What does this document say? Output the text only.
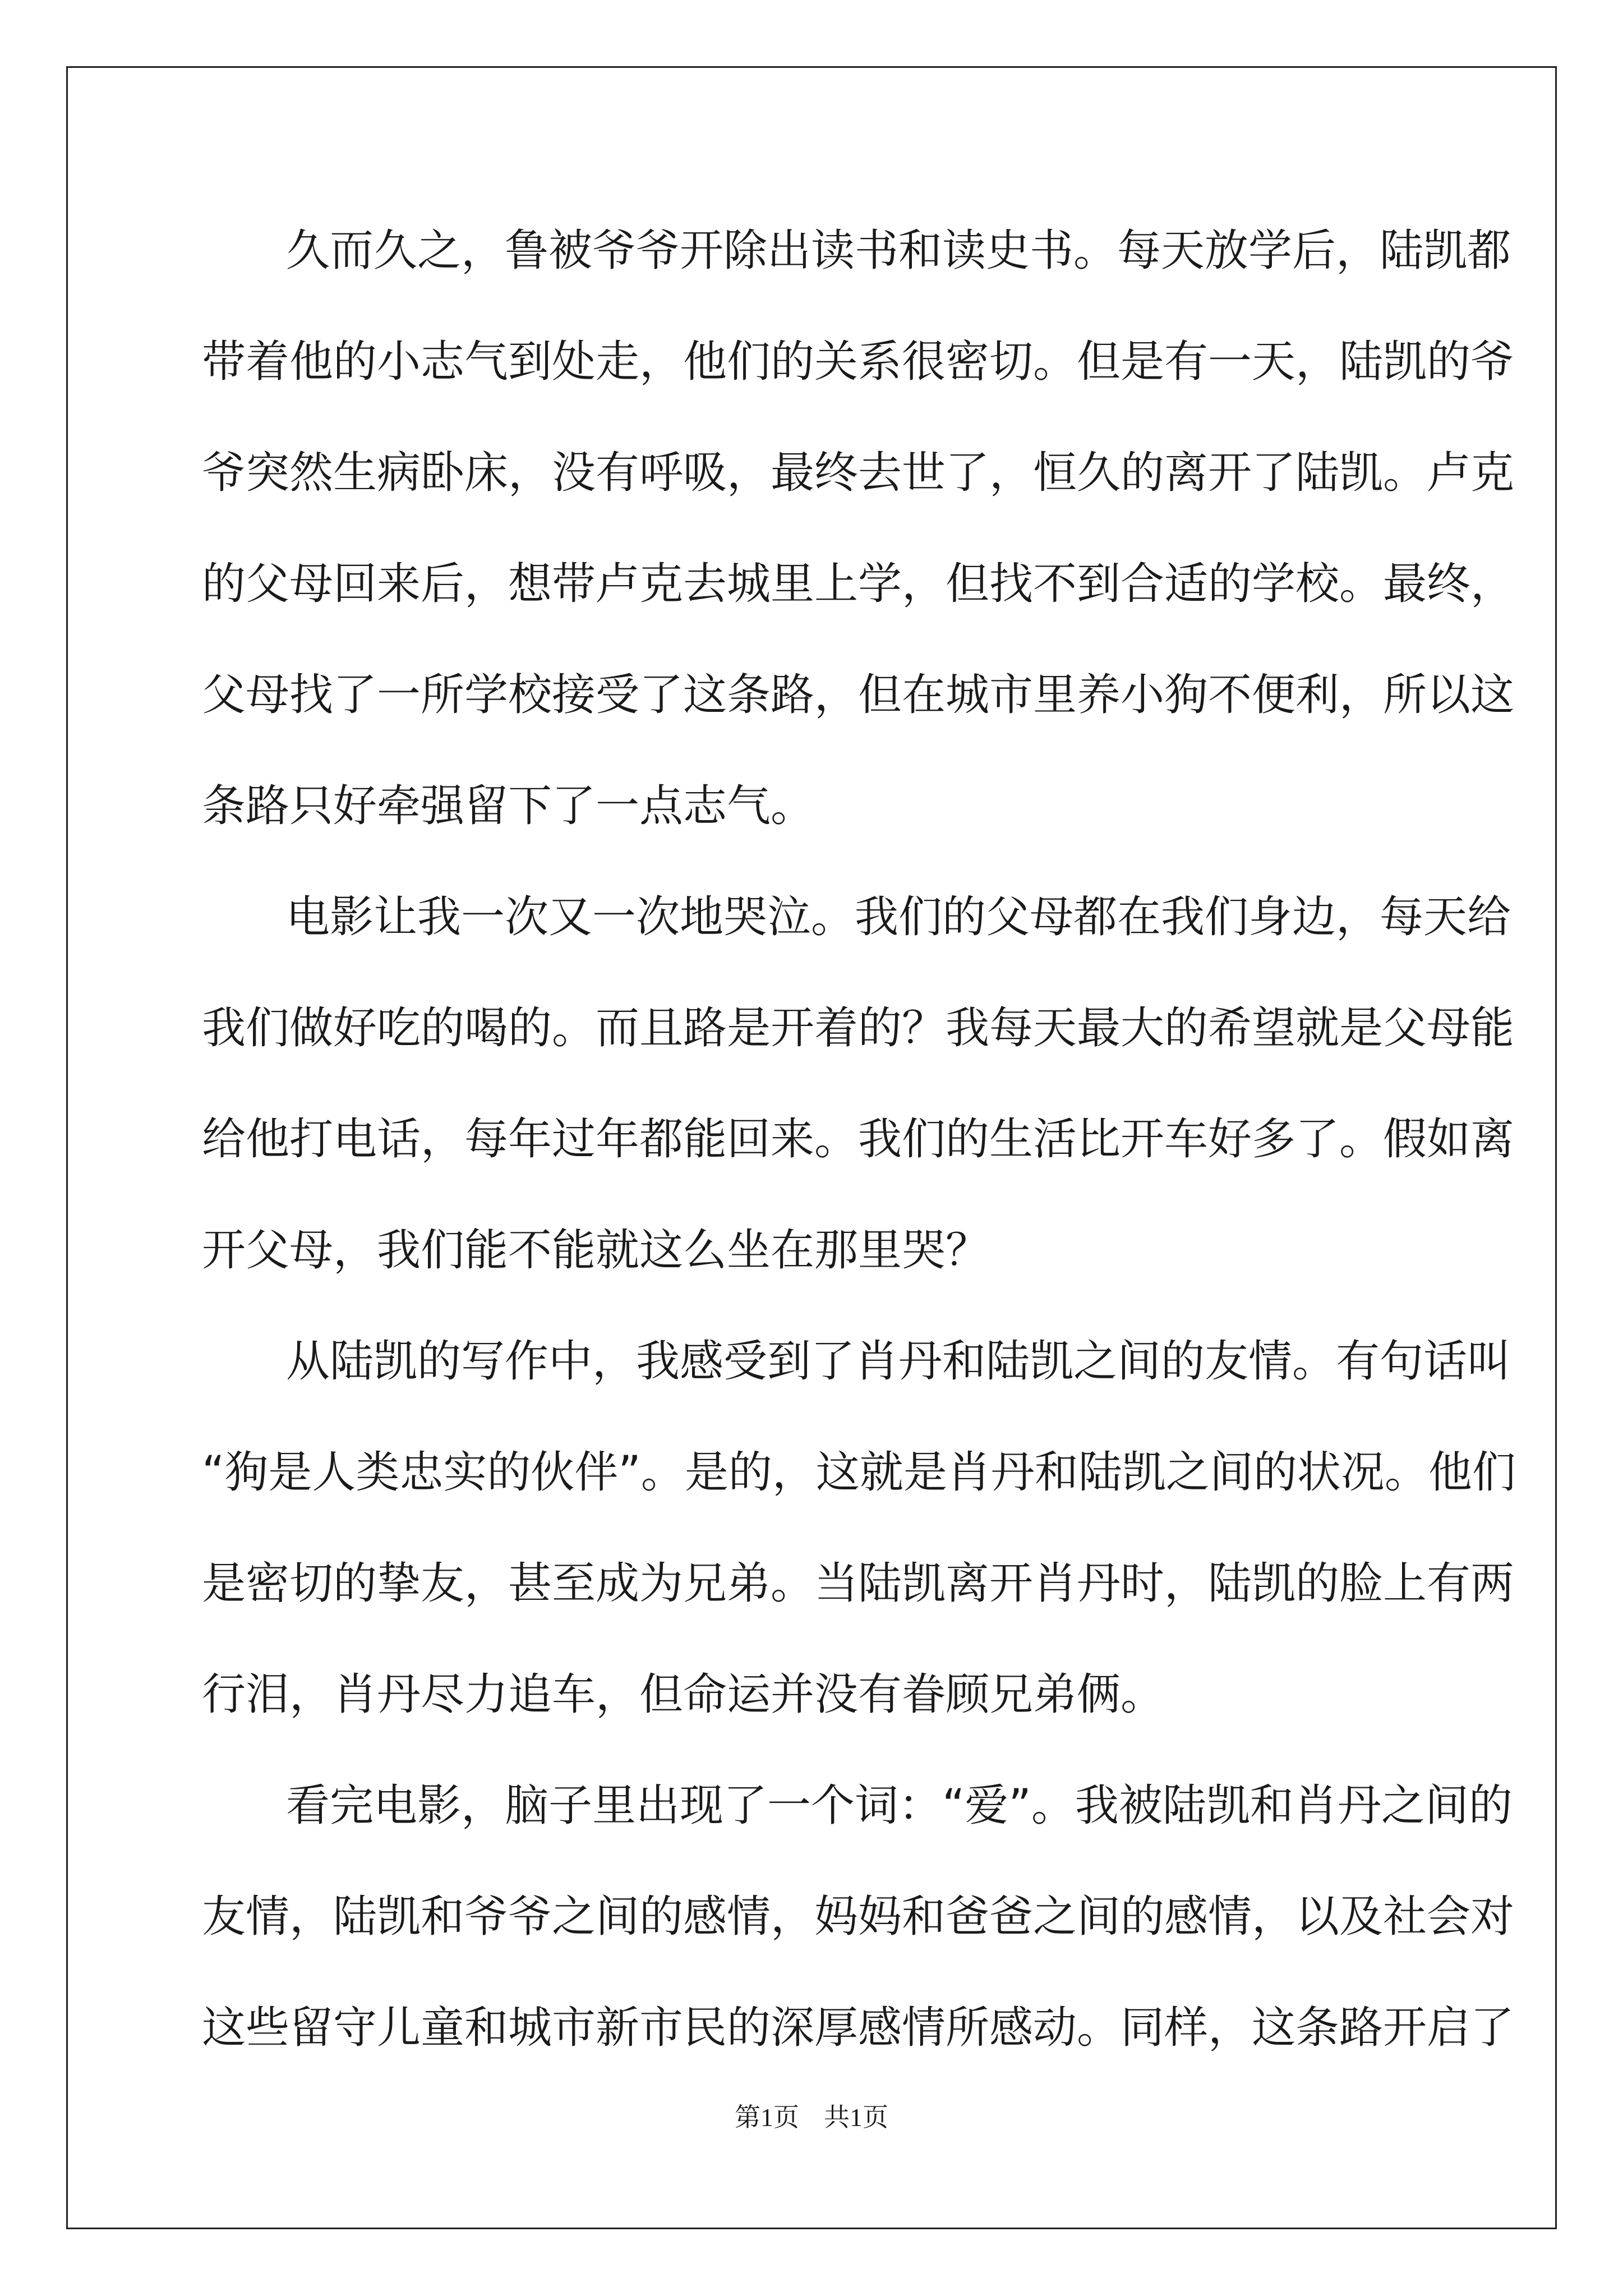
久而久之，鲁被爷爷开除出读书和读史书。每天放学后，陆凯都
带着他的小志气到处走，他们的关系很密切。但是有一天，陆凯的爷
爷突然生病卧床，没有呼吸，最终去世了，恒久的离开了陆凯。卢克
的父母回来后，想带卢克去城里上学，但找不到合适的学校。最终，
父母找了一所学校接受了这条路，但在城市里养小狗不便利，所以这
条路只好牵强留下了一点志气。
电影让我一次又一次地哭泣。我们的父母都在我们身边，每天给
我们做好吃的喝的。而且路是开着的？我每天最大的希望就是父母能
给他打电话，每年过年都能回来。我们的生活比开车好多了。假如离
开父母，我们能不能就这么坐在那里哭？
从陆凯的写作中，我感受到了肖丹和陆凯之间的友情。有句话叫
“狗是人类忠实的伙伴”。是的，这就是肖丹和陆凯之间的状况。他们
是密切的挚友，甚至成为兄弟。当陆凯离开肖丹时，陆凯的脸上有两
行泪，肖丹尽力追车，但命运并没有眷顾兄弟俩。
看完电影，脑子里出现了一个词：“爱”。我被陆凯和肖丹之间的
友情，陆凯和爷爷之间的感情，妈妈和爸爸之间的感情，以及社会对
这些留守儿童和城市新市民的深厚感情所感动。同样，这条路开启了
第1页 共1页
